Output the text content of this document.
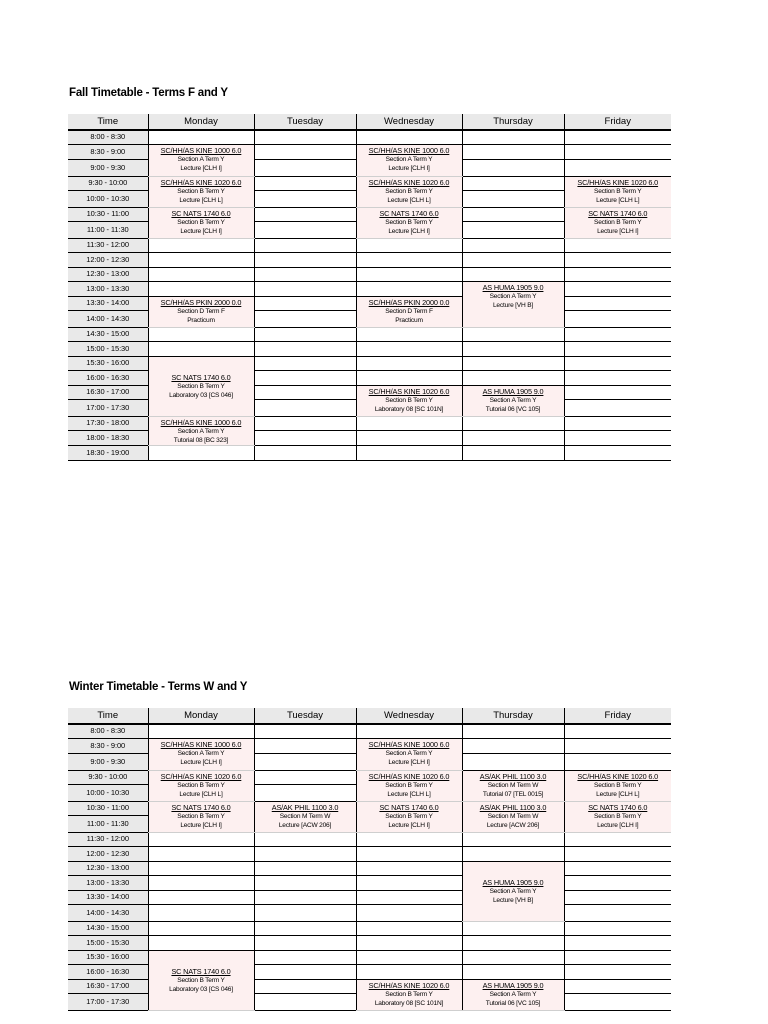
Fall Timetable - Terms F and Y
Time	Monday	Tuesday	Wednesday	Thursday	Friday
8:00 - 8:30					
8:30 - 9:00	SC/HH/AS KINE 1000 6.0
Section A Term Y
Lecture [CLH I]		SC/HH/AS KINE 1000 6.0
Section A Term Y
Lecture [CLH I]		

9:00 - 9:30					
9:30 - 10:00	SC/HH/AS KINE 1020 6.0
Section B Term Y
Lecture [CLH L]		SC/HH/AS KINE 1020 6.0
Section B Term Y
Lecture [CLH L]		SC/HH/AS KINE 1020 6.0
Section B Term Y
Lecture [CLH L]

10:00 - 10:30					
10:30 - 11:00	SC NATS 1740 6.0
Section B Term Y
Lecture [CLH I]		SC NATS 1740 6.0
Section B Term Y
Lecture [CLH I]		SC NATS 1740 6.0
Section B Term Y
Lecture [CLH I]

11:00 - 11:30					
11:30 - 12:00					
12:00 - 12:30					
12:30 - 13:00					
13:00 - 13:30				AS HUMA 1905 9.0
Section A Term Y
Lecture [VH B]	

13:30 - 14:00	SC/HH/AS PKIN 2000 0.0
Section D Term F
Practicum		SC/HH/AS PKIN 2000 0.0
Section D Term F
Practicum		

14:00 - 14:30					
14:30 - 15:00					
15:00 - 15:30					
15:30 - 16:00	SC NATS 1740 6.0
Section B Term Y
Laboratory 03 [CS 046]				

16:00 - 16:30					
16:30 - 17:00			SC/HH/AS KINE 1020 6.0
Section B Term Y
Laboratory 08 [SC 101N]	AS HUMA 1905 9.0
Section A Term Y
Tutorial 06 [VC 105]	

17:00 - 17:30					
17:30 - 18:00	SC/HH/AS KINE 1000 6.0
Section A Term Y
Tutorial 08 [BC 323]				

18:00 - 18:30					
18:30 - 19:00					
Winter Timetable - Terms W and Y
Time	Monday	Tuesday	Wednesday	Thursday	Friday
8:00 - 8:30					
8:30 - 9:00	SC/HH/AS KINE 1000 6.0
Section A Term Y
Lecture [CLH I]		SC/HH/AS KINE 1000 6.0
Section A Term Y
Lecture [CLH I]		

9:00 - 9:30					
9:30 - 10:00	SC/HH/AS KINE 1020 6.0
Section B Term Y
Lecture [CLH L]		SC/HH/AS KINE 1020 6.0
Section B Term Y
Lecture [CLH L]	AS/AK PHIL 1100 3.0
Section M Term W
Tutorial 07 [TEL 0015]	SC/HH/AS KINE 1020 6.0
Section B Term Y
Lecture [CLH L]

10:00 - 10:30					
10:30 - 11:00	SC NATS 1740 6.0
Section B Term Y
Lecture [CLH I]	AS/AK PHIL 1100 3.0
Section M Term W
Lecture [ACW 206]	SC NATS 1740 6.0
Section B Term Y
Lecture [CLH I]	AS/AK PHIL 1100 3.0
Section M Term W
Lecture [ACW 206]	SC NATS 1740 6.0
Section B Term Y
Lecture [CLH I]

11:00 - 11:30					
11:30 - 12:00					
12:00 - 12:30					
12:30 - 13:00				AS HUMA 1905 9.0
Section A Term Y
Lecture [VH B]	

13:00 - 13:30					
13:30 - 14:00					
14:00 - 14:30					
14:30 - 15:00					
15:00 - 15:30					
15:30 - 16:00	SC NATS 1740 6.0
Section B Term Y
Laboratory 03 [CS 046]				

16:00 - 16:30					
16:30 - 17:00			SC/HH/AS KINE 1020 6.0
Section B Term Y
Laboratory 08 [SC 101N]	AS HUMA 1905 9.0
Section A Term Y
Tutorial 06 [VC 105]	

17:00 - 17:30					
